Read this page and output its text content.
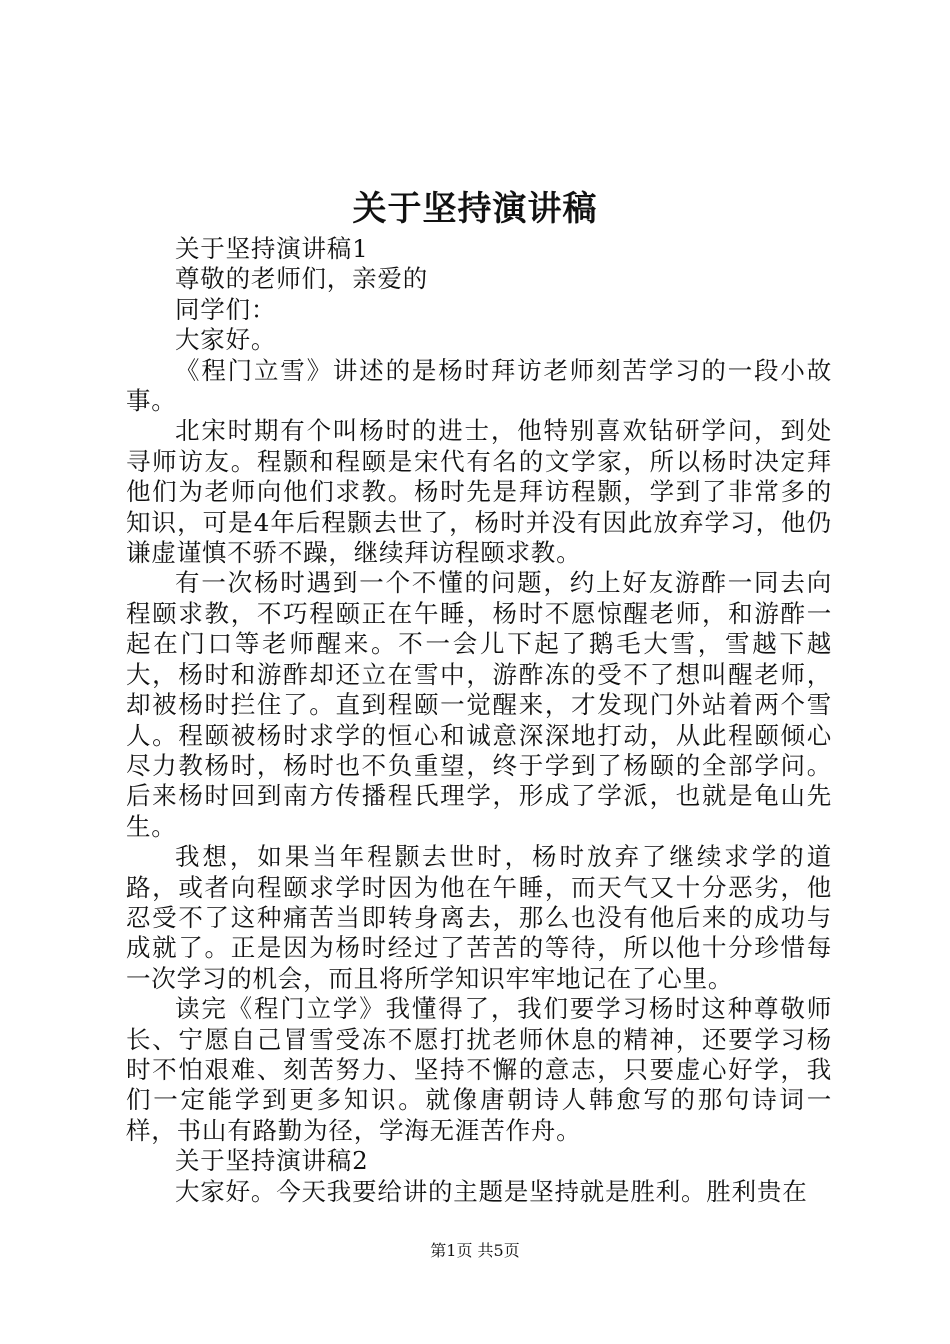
关于坚持演讲稿

关于坚持演讲稿1

尊敬的老师们，亲爱的

同学们：

大家好。

《程门立雪》讲述的是杨时拜访老师刻苦学习的一段小故事。

北宋时期有个叫杨时的进士，他特别喜欢钻研学问，到处寻师访友。程颢和程颐是宋代有名的文学家，所以杨时决定拜他们为老师向他们求教。杨时先是拜访程颢，学到了非常多的知识，可是4年后程颢去世了，杨时并没有因此放弃学习，他仍谦虚谨慎不骄不躁，继续拜访程颐求教。

有一次杨时遇到一个不懂的问题，约上好友游酢一同去向程颐求教，不巧程颐正在午睡，杨时不愿惊醒老师，和游酢一起在门口等老师醒来。不一会儿下起了鹅毛大雪，雪越下越大，杨时和游酢却还立在雪中，游酢冻的受不了想叫醒老师，却被杨时拦住了。直到程颐一觉醒来，才发现门外站着两个雪人。程颐被杨时求学的恒心和诚意深深地打动，从此程颐倾心尽力教杨时，杨时也不负重望，终于学到了杨颐的全部学问。后来杨时回到南方传播程氏理学，形成了学派，也就是龟山先生。

我想，如果当年程颢去世时，杨时放弃了继续求学的道路，或者向程颐求学时因为他在午睡，而天气又十分恶劣，他忍受不了这种痛苦当即转身离去，那么也没有他后来的成功与成就了。正是因为杨时经过了苦苦的等待，所以他十分珍惜每一次学习的机会，而且将所学知识牢牢地记在了心里。

读完《程门立学》我懂得了，我们要学习杨时这种尊敬师长、宁愿自己冒雪受冻不愿打扰老师休息的精神，还要学习杨时不怕艰难、刻苦努力、坚持不懈的意志，只要虚心好学，我们一定能学到更多知识。就像唐朝诗人韩愈写的那句诗词一样，书山有路勤为径，学海无涯苦作舟。

关于坚持演讲稿2

大家好。今天我要给讲的主题是坚持就是胜利。胜利贵在

第1页 共5页
